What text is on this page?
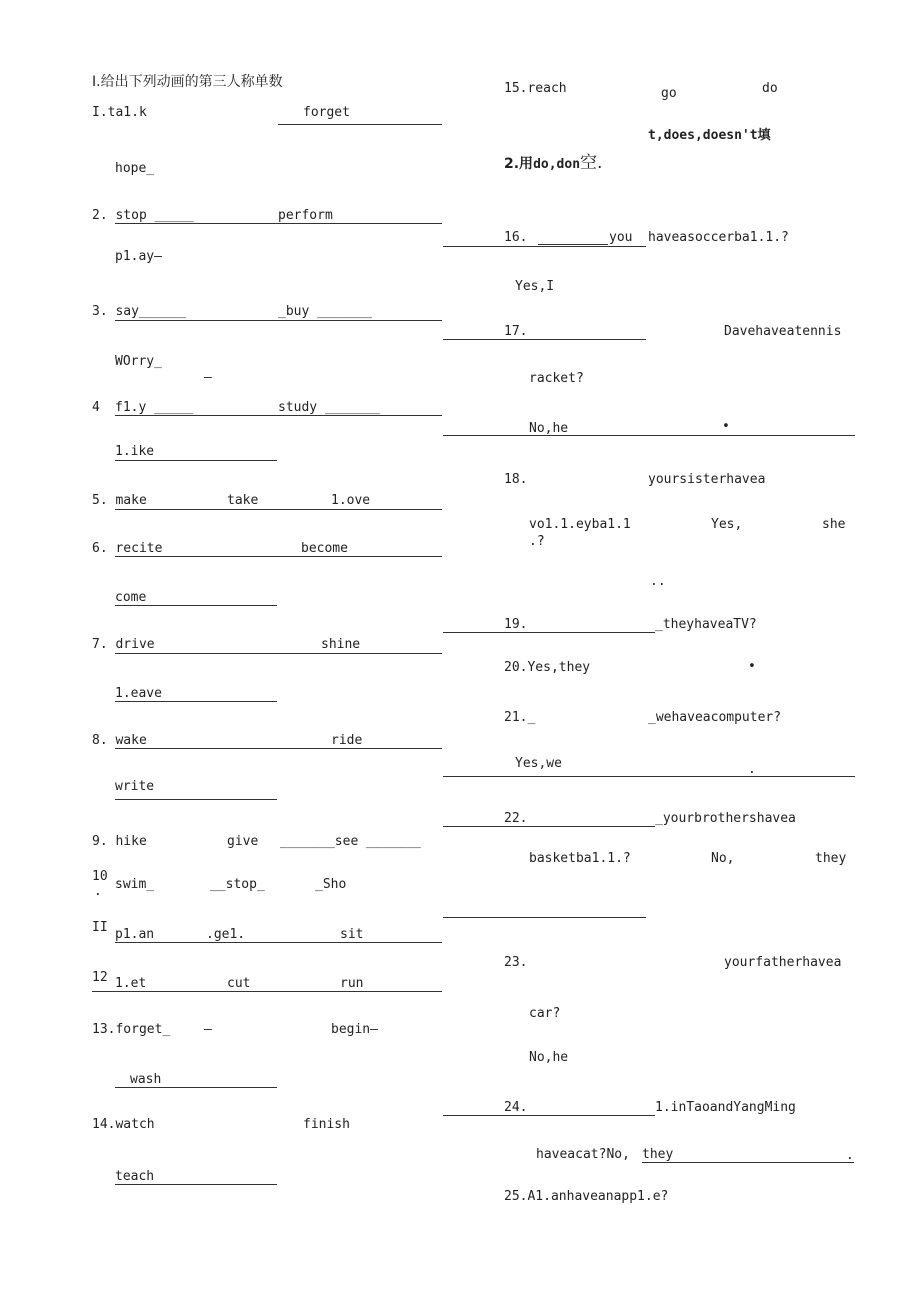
I.给出下列动画的第三人称单数
I.ta1.k	forget
hope_
2. stop _____	perform
p1.ay—
3. say______	_buy _______
WOrry_
—
4 f1.y _____	study _______
1.ike
5. make	take	1.ove
6. recite	become
come
7. drive	shine
1.eave
8. wake	ride
write
9. hike	give _______see _______
10
. swim_	__stop_	_Sho
II p1.an	.ge1.	sit
12 1.et	cut	run
13.forget_	—	begin—
wash
14.watch	finish
teach
15.reach	go	do
t,does,doesn't填
2.用do,don空.
16.	you haveasoccerba1.1.?
Yes,I
17.	Davehaveatennis
racket?
No,he	•
18.	yoursisterhavea
vo1.1.eyba1.1	Yes,	she
.?
..
19.	_theyhaveaTV?
20.Yes,they	•
21._	_wehaveacomputer?
Yes,we	.
22.	_yourbrothershavea
basketba1.1.?	No,	they
23.	yourfatherhavea
car?
No,he
24.	1.inTaoandYangMing
haveacat?No, they	.
25.A1.anhaveanapp1.e?
